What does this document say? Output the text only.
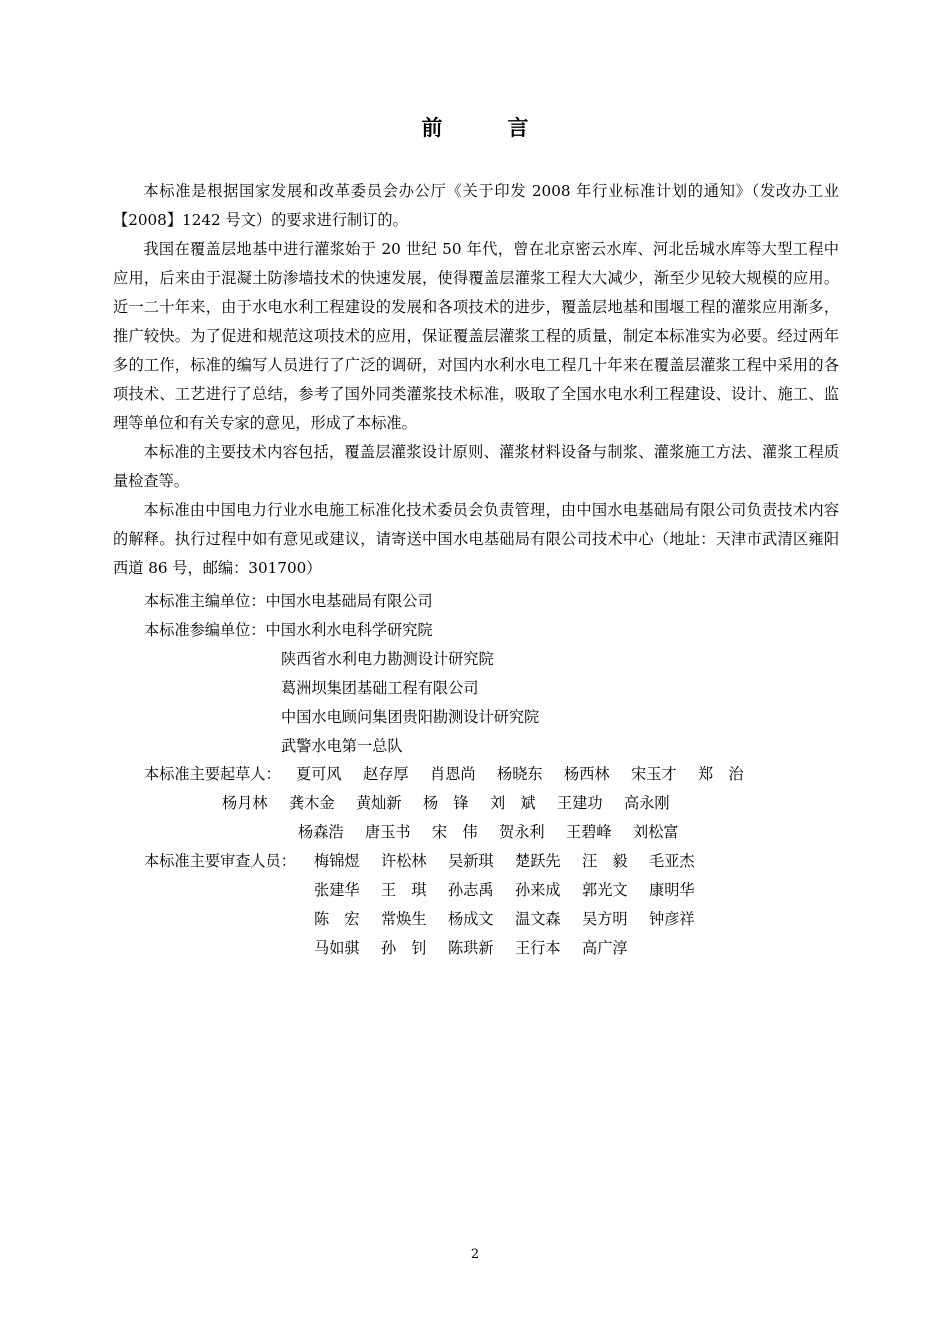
前　言

本标准是根据国家发展和改革委员会办公厅《关于印发 2008 年行业标准计划的通知》（发改办工业【2008】1242 号文）的要求进行制订的。

我国在覆盖层地基中进行灌浆始于 20 世纪 50 年代，曾在北京密云水库、河北岳城水库等大型工程中应用，后来由于混凝土防渗墙技术的快速发展，使得覆盖层灌浆工程大大减少，渐至少见较大规模的应用。近一二十年来，由于水电水利工程建设的发展和各项技术的进步，覆盖层地基和围堰工程的灌浆应用渐多，推广较快。为了促进和规范这项技术的应用，保证覆盖层灌浆工程的质量，制定本标准实为必要。经过两年多的工作，标准的编写人员进行了广泛的调研，对国内水利水电工程几十年来在覆盖层灌浆工程中采用的各项技术、工艺进行了总结，参考了国外同类灌浆技术标准，吸取了全国水电水利工程建设、设计、施工、监理等单位和有关专家的意见，形成了本标准。

本标准的主要技术内容包括，覆盖层灌浆设计原则、灌浆材料设备与制浆、灌浆施工方法、灌浆工程质量检查等。

本标准由中国电力行业水电施工标准化技术委员会负责管理，由中国水电基础局有限公司负责技术内容的解释。执行过程中如有意见或建议，请寄送中国水电基础局有限公司技术中心（地址：天津市武清区雍阳西道 86 号，邮编：301700）

本标准主编单位：中国水电基础局有限公司
本标准参编单位：中国水利水电科学研究院
陕西省水利电力勘测设计研究院
葛洲坝集团基础工程有限公司
中国水电顾问集团贵阳勘测设计研究院
武警水电第一总队
本标准主要起草人： 夏可风 赵存厚 肖恩尚 杨晓东 杨西林 宋玉才 郑　治
杨月林 龚木金 黄灿新 杨　锋 刘　斌 王建功 高永刚
杨森浩 唐玉书 宋　伟 贺永利 王碧峰 刘松富
本标准主要审查人员： 梅锦煜 许松林 吴新琪 楚跃先 汪　毅 毛亚杰
张建华 王　琪 孙志禹 孙来成 郭光文 康明华
陈　宏 常焕生 杨成文 温文森 吴方明 钟彦祥
马如骐 孙　钊 陈珙新 王行本 高广淳
2
